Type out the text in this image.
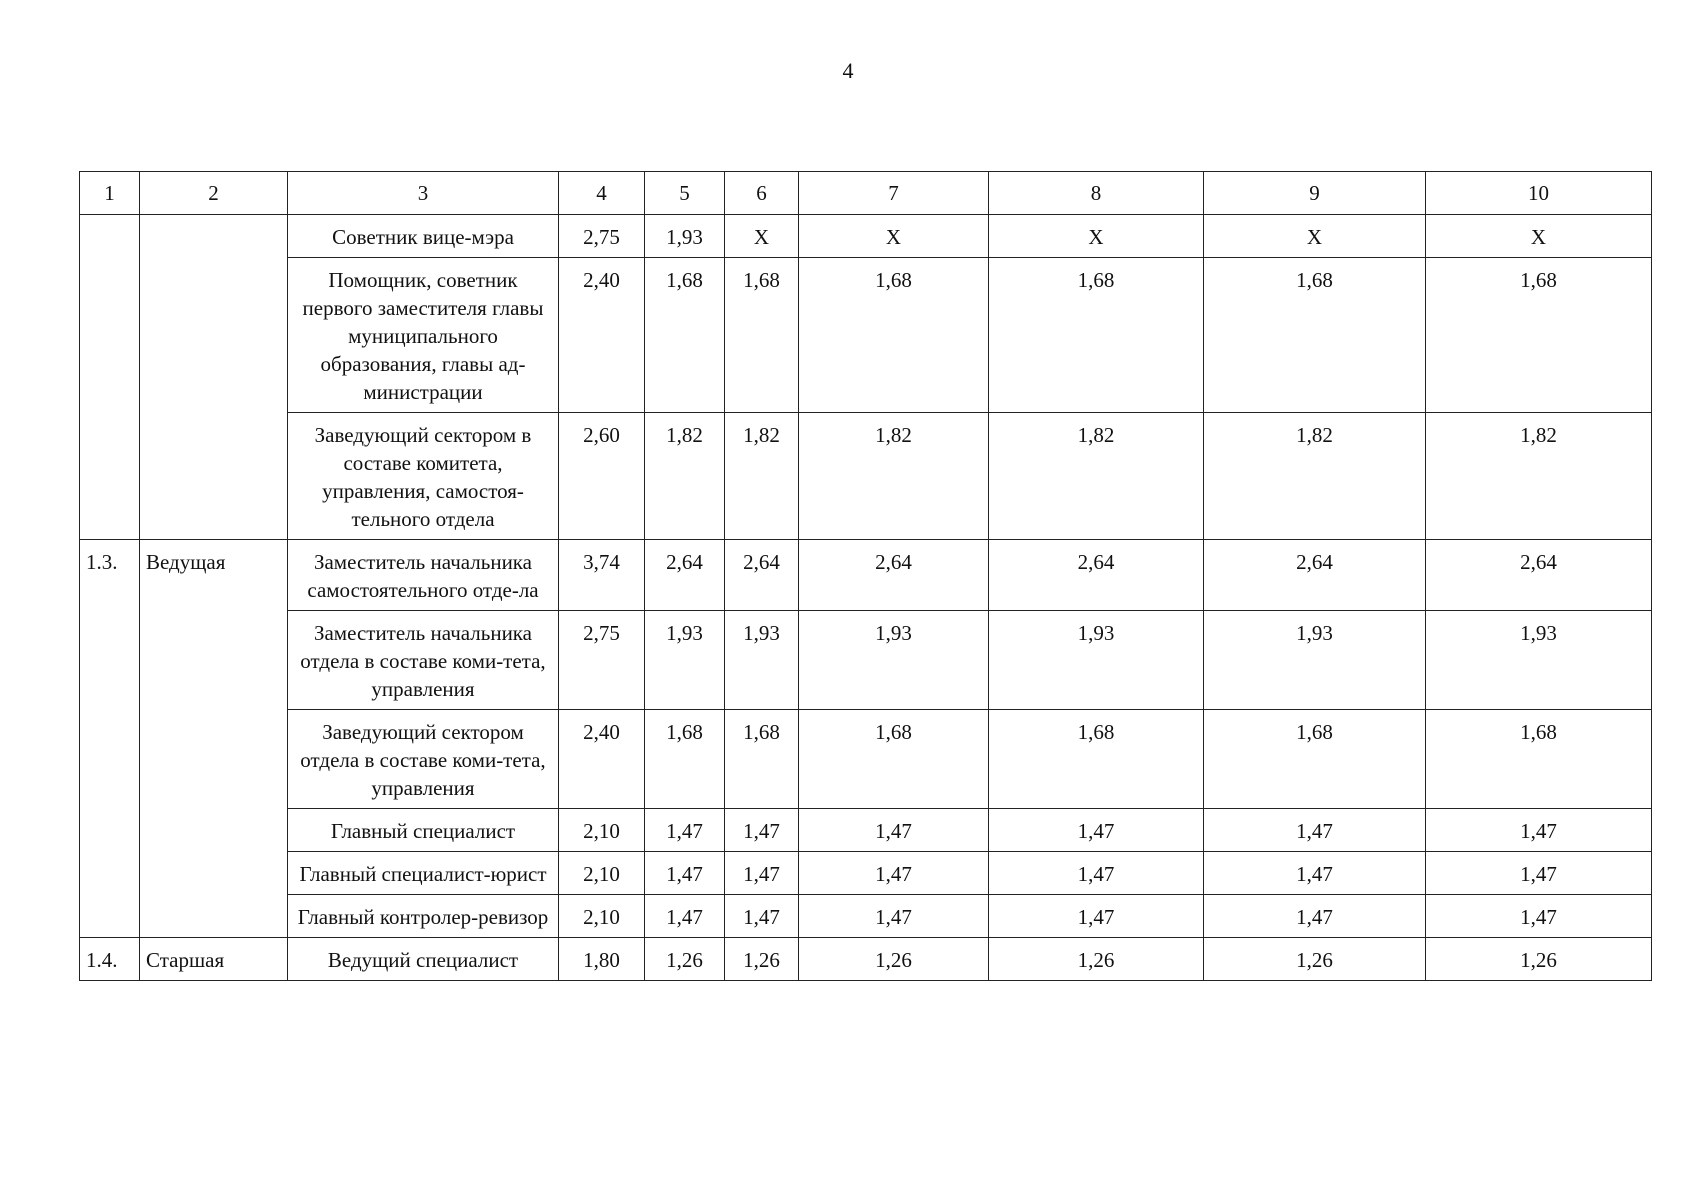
4
1	2	3	4	5	6	7	8	9	10
		Советник вице-мэра	2,75	1,93	Х	Х	Х	Х	Х
		Помощник, советник первого заместителя главы муниципального образования, главы ад-министрации	2,40	1,68	1,68	1,68	1,68	1,68	1,68
		Заведующий сектором в составе комитета, управления, самостоя-тельного отдела	2,60	1,82	1,82	1,82	1,82	1,82	1,82
1.3.	Ведущая	Заместитель начальника самостоятельного отде-ла	3,74	2,64	2,64	2,64	2,64	2,64	2,64
		Заместитель начальника отдела в составе коми-тета, управления	2,75	1,93	1,93	1,93	1,93	1,93	1,93
		Заведующий сектором отдела в составе коми-тета, управления	2,40	1,68	1,68	1,68	1,68	1,68	1,68
		Главный специалист	2,10	1,47	1,47	1,47	1,47	1,47	1,47
		Главный специалист-юрист	2,10	1,47	1,47	1,47	1,47	1,47	1,47
		Главный контролер-ревизор	2,10	1,47	1,47	1,47	1,47	1,47	1,47
1.4.	Старшая	Ведущий специалист	1,80	1,26	1,26	1,26	1,26	1,26	1,26
